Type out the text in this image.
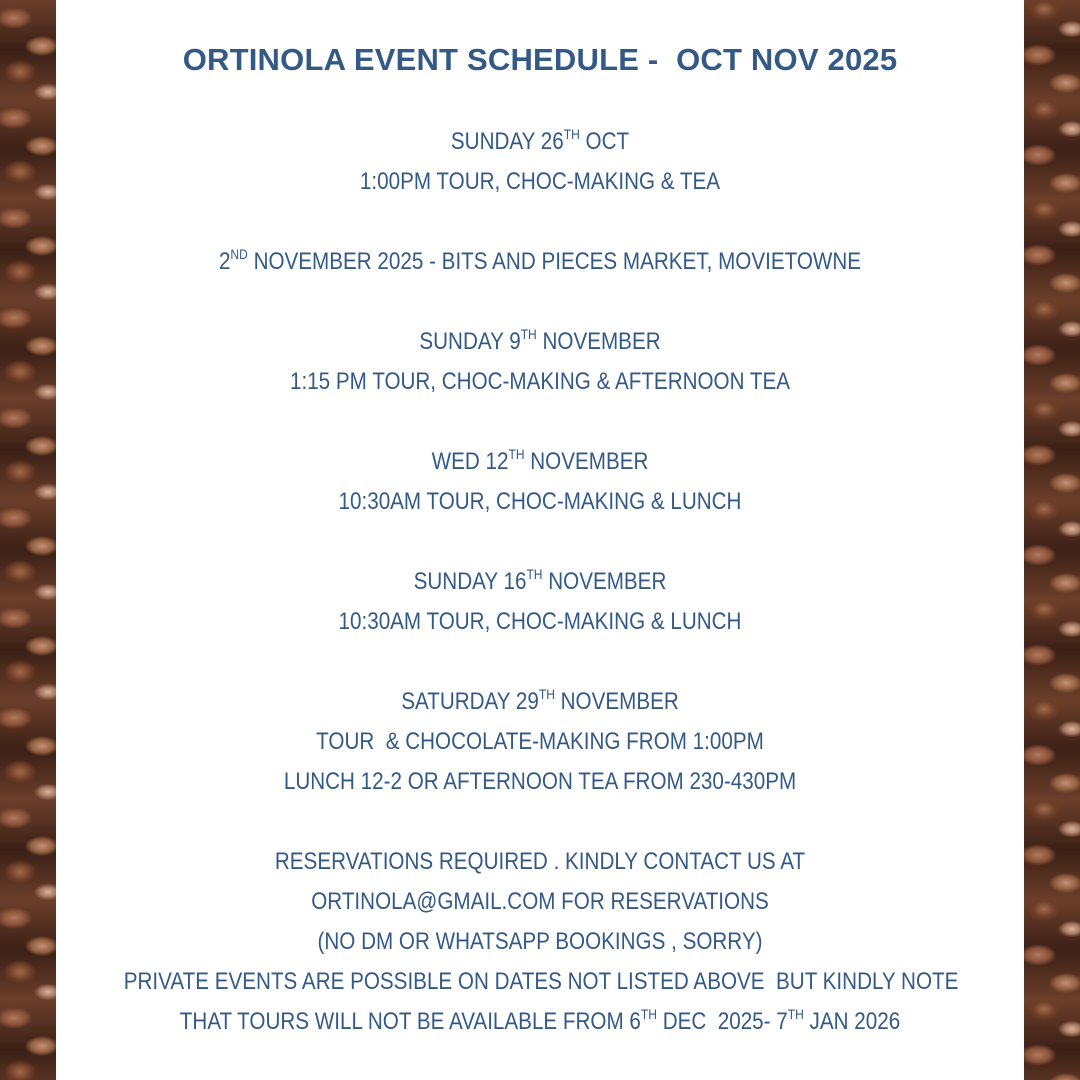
ORTINOLA EVENT SCHEDULE -  OCT NOV 2025
SUNDAY 26TH OCT
1:00PM TOUR, CHOC-MAKING & TEA
2ND NOVEMBER 2025 - BITS AND PIECES MARKET, MOVIETOWNE
SUNDAY 9TH NOVEMBER
1:15 PM TOUR, CHOC-MAKING & AFTERNOON TEA
WED 12TH NOVEMBER
10:30AM TOUR, CHOC-MAKING & LUNCH
SUNDAY 16TH NOVEMBER
10:30AM TOUR, CHOC-MAKING & LUNCH
SATURDAY 29TH NOVEMBER
TOUR  & CHOCOLATE-MAKING FROM 1:00PM
LUNCH 12-2 OR AFTERNOON TEA FROM 230-430PM
RESERVATIONS REQUIRED . KINDLY CONTACT US AT
ORTINOLA@GMAIL.COM FOR RESERVATIONS
(NO DM OR WHATSAPP BOOKINGS , SORRY)
PRIVATE EVENTS ARE POSSIBLE ON DATES NOT LISTED ABOVE  BUT KINDLY NOTE
THAT TOURS WILL NOT BE AVAILABLE FROM 6TH DEC  2025- 7TH JAN 2026
